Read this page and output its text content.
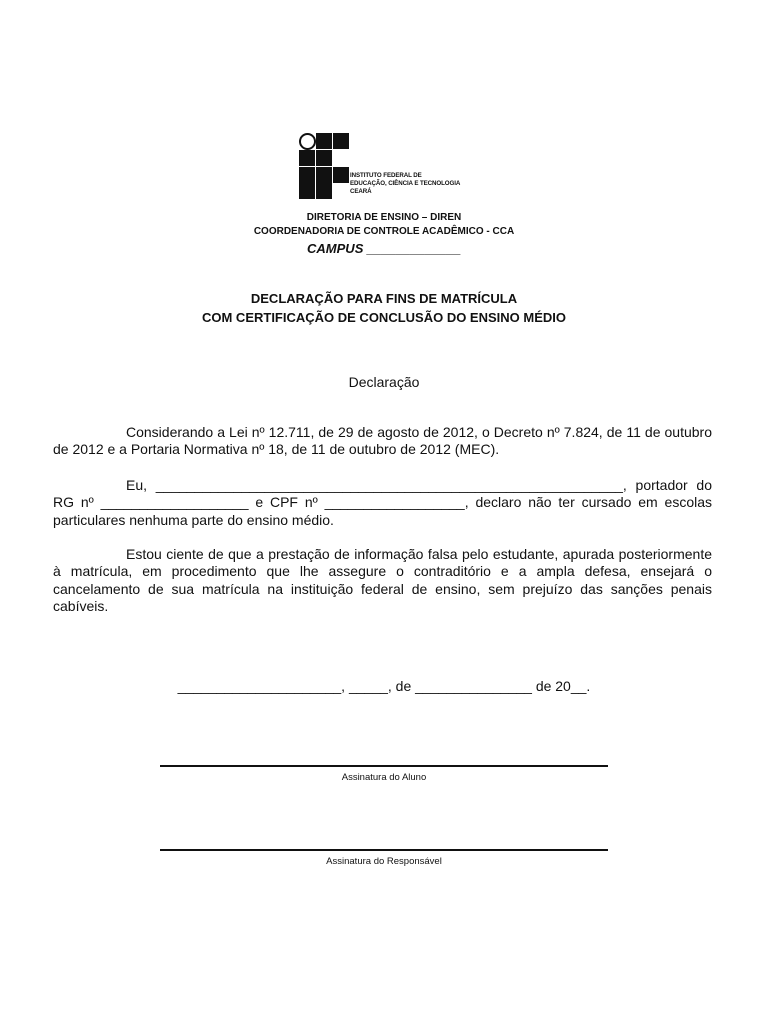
INSTITUTO FEDERAL DE
EDUCAÇÃO, CIÊNCIA E TECNOLOGIA
CEARÁ
DIRETORIA DE ENSINO – DIREN
COORDENADORIA DE CONTROLE ACADÊMICO - CCA
CAMPUS _____________
DECLARAÇÃO PARA FINS DE MATRÍCULA
COM CERTIFICAÇÃO DE CONCLUSÃO DO ENSINO MÉDIO
Declaração
Considerando a Lei nº 12.711, de 29 de agosto de 2012, o Decreto nº 7.824, de 11 de outubro de 2012 e a Portaria Normativa nº 18, de 11 de outubro de 2012 (MEC).
Eu, ____________________________________________________________, portador do RG nº ___________________ e CPF nº __________________, declaro não ter cursado em escolas particulares nenhuma parte do ensino médio.
Estou ciente de que a prestação de informação falsa pelo estudante, apurada posteriormente à matrícula, em procedimento que lhe assegure o contraditório e a ampla defesa, ensejará o cancelamento de sua matrícula na instituição federal de ensino, sem prejuízo das sanções penais cabíveis.
_____________________, _____, de _______________ de 20__.
Assinatura do Aluno
Assinatura do Responsável
